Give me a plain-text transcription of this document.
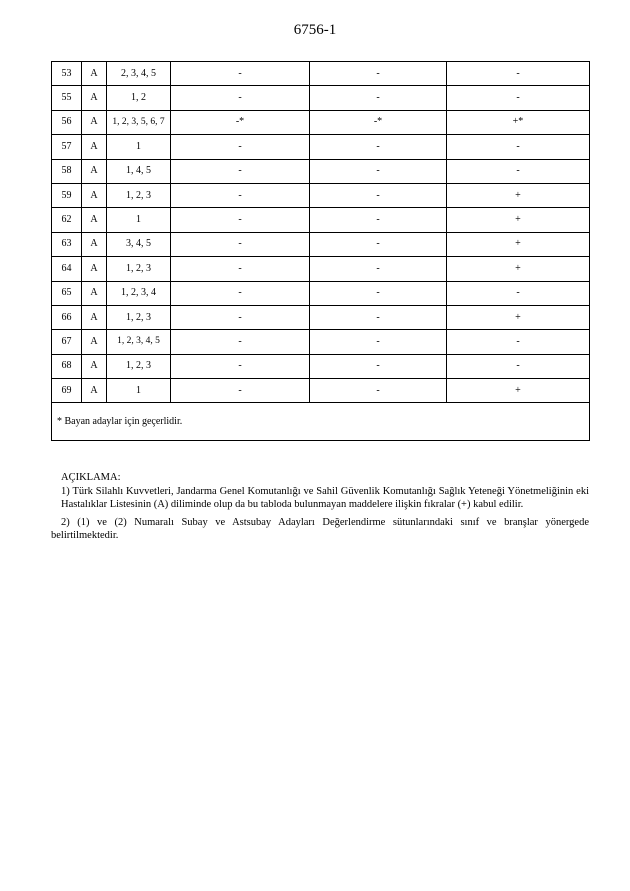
6756-1
53	A	2, 3, 4, 5	-	-	-
55	A	1, 2	-	-	-
56	A	1, 2, 3, 5, 6, 7	-*	-*	+*
57	A	1	-	-	-
58	A	1, 4, 5	-	-	-
59	A	1, 2, 3	-	-	+
62	A	1	-	-	+
63	A	3, 4, 5	-	-	+
64	A	1, 2, 3	-	-	+
65	A	1, 2, 3, 4	-	-	-
66	A	1, 2, 3	-	-	+
67	A	1, 2, 3, 4, 5	-	-	-
68	A	1, 2, 3	-	-	-
69	A	1	-	-	+
* Bayan adaylar için geçerlidir.					

AÇIKLAMA:

1) Türk Silahlı Kuvvetleri, Jandarma Genel Komutanlığı ve Sahil Güvenlik Komutanlığı Sağlık Yeteneği Yönetmeliğinin eki Hastalıklar Listesinin (A) diliminde olup da bu tabloda bulunmayan maddelere ilişkin fıkralar (+) kabul edilir.

2) (1) ve (2) Numaralı Subay ve Astsubay Adayları Değerlendirme sütunlarındaki sınıf ve branşlar yönergede belirtilmektedir.
